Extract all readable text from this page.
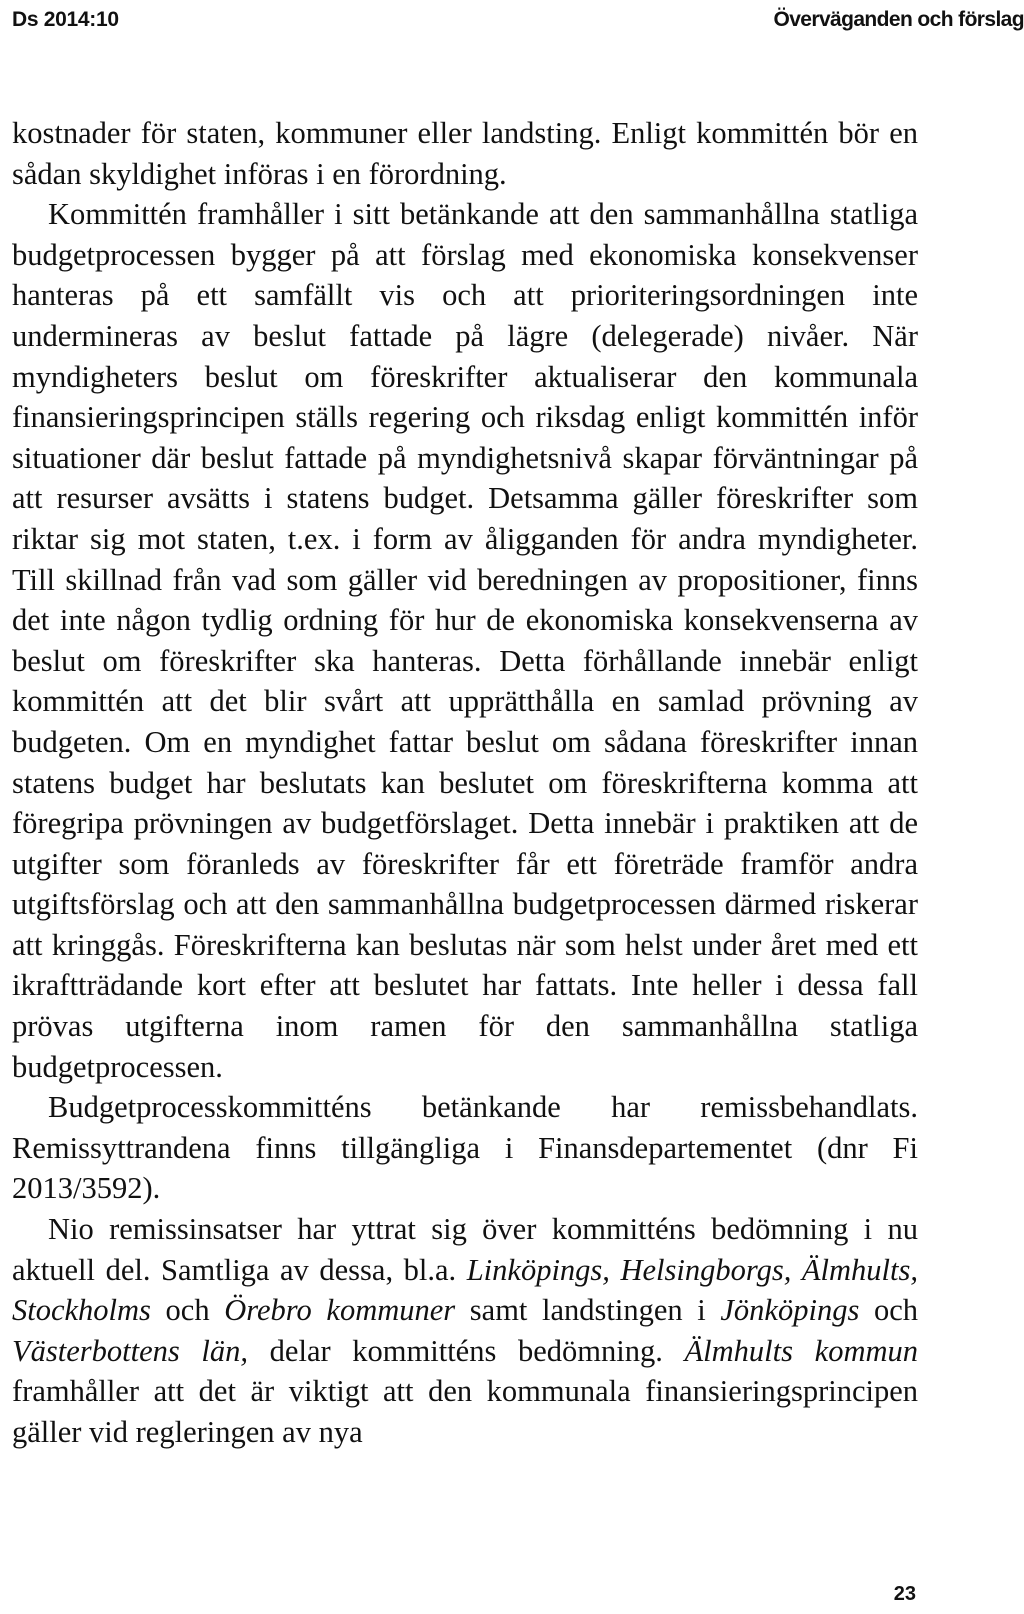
Ds 2014:10	Överväganden och förslag

kostnader för staten, kommuner eller landsting. Enligt kommittén bör en sådan skyldighet införas i en förordning.

Kommittén framhåller i sitt betänkande att den sammanhållna statliga budgetprocessen bygger på att förslag med ekonomiska konsekvenser hanteras på ett samfällt vis och att prioriteringsordningen inte undermineras av beslut fattade på lägre (delegerade) nivåer. När myndigheters beslut om föreskrifter aktualiserar den kommunala finansieringsprincipen ställs regering och riksdag enligt kommittén inför situationer där beslut fattade på myndighetsnivå skapar förväntningar på att resurser avsätts i statens budget. Detsamma gäller föreskrifter som riktar sig mot staten, t.ex. i form av åligganden för andra myndigheter. Till skillnad från vad som gäller vid beredningen av propositioner, finns det inte någon tydlig ordning för hur de ekonomiska konsekvenserna av beslut om föreskrifter ska hanteras. Detta förhållande innebär enligt kommittén att det blir svårt att upprätthålla en samlad prövning av budgeten. Om en myndighet fattar beslut om sådana föreskrifter innan statens budget har beslutats kan beslutet om föreskrifterna komma att föregripa prövningen av budgetförslaget. Detta innebär i praktiken att de utgifter som föranleds av föreskrifter får ett företräde framför andra utgiftsförslag och att den sammanhållna budgetprocessen därmed riskerar att kringgås. Föreskrifterna kan beslutas när som helst under året med ett ikraftträdande kort efter att beslutet har fattats. Inte heller i dessa fall prövas utgifterna inom ramen för den sammanhållna statliga budgetprocessen.

Budgetprocesskommitténs betänkande har remissbehandlats. Remissyttrandena finns tillgängliga i Finansdepartementet (dnr Fi 2013/3592).

Nio remissinsatser har yttrat sig över kommitténs bedömning i nu aktuell del. Samtliga av dessa, bl.a. Linköpings, Helsingborgs, Älmhults, Stockholms och Örebro kommuner samt landstingen i Jönköpings och Västerbottens län, delar kommitténs bedömning. Älmhults kommun framhåller att det är viktigt att den kommunala finansieringsprincipen gäller vid regleringen av nya

23
